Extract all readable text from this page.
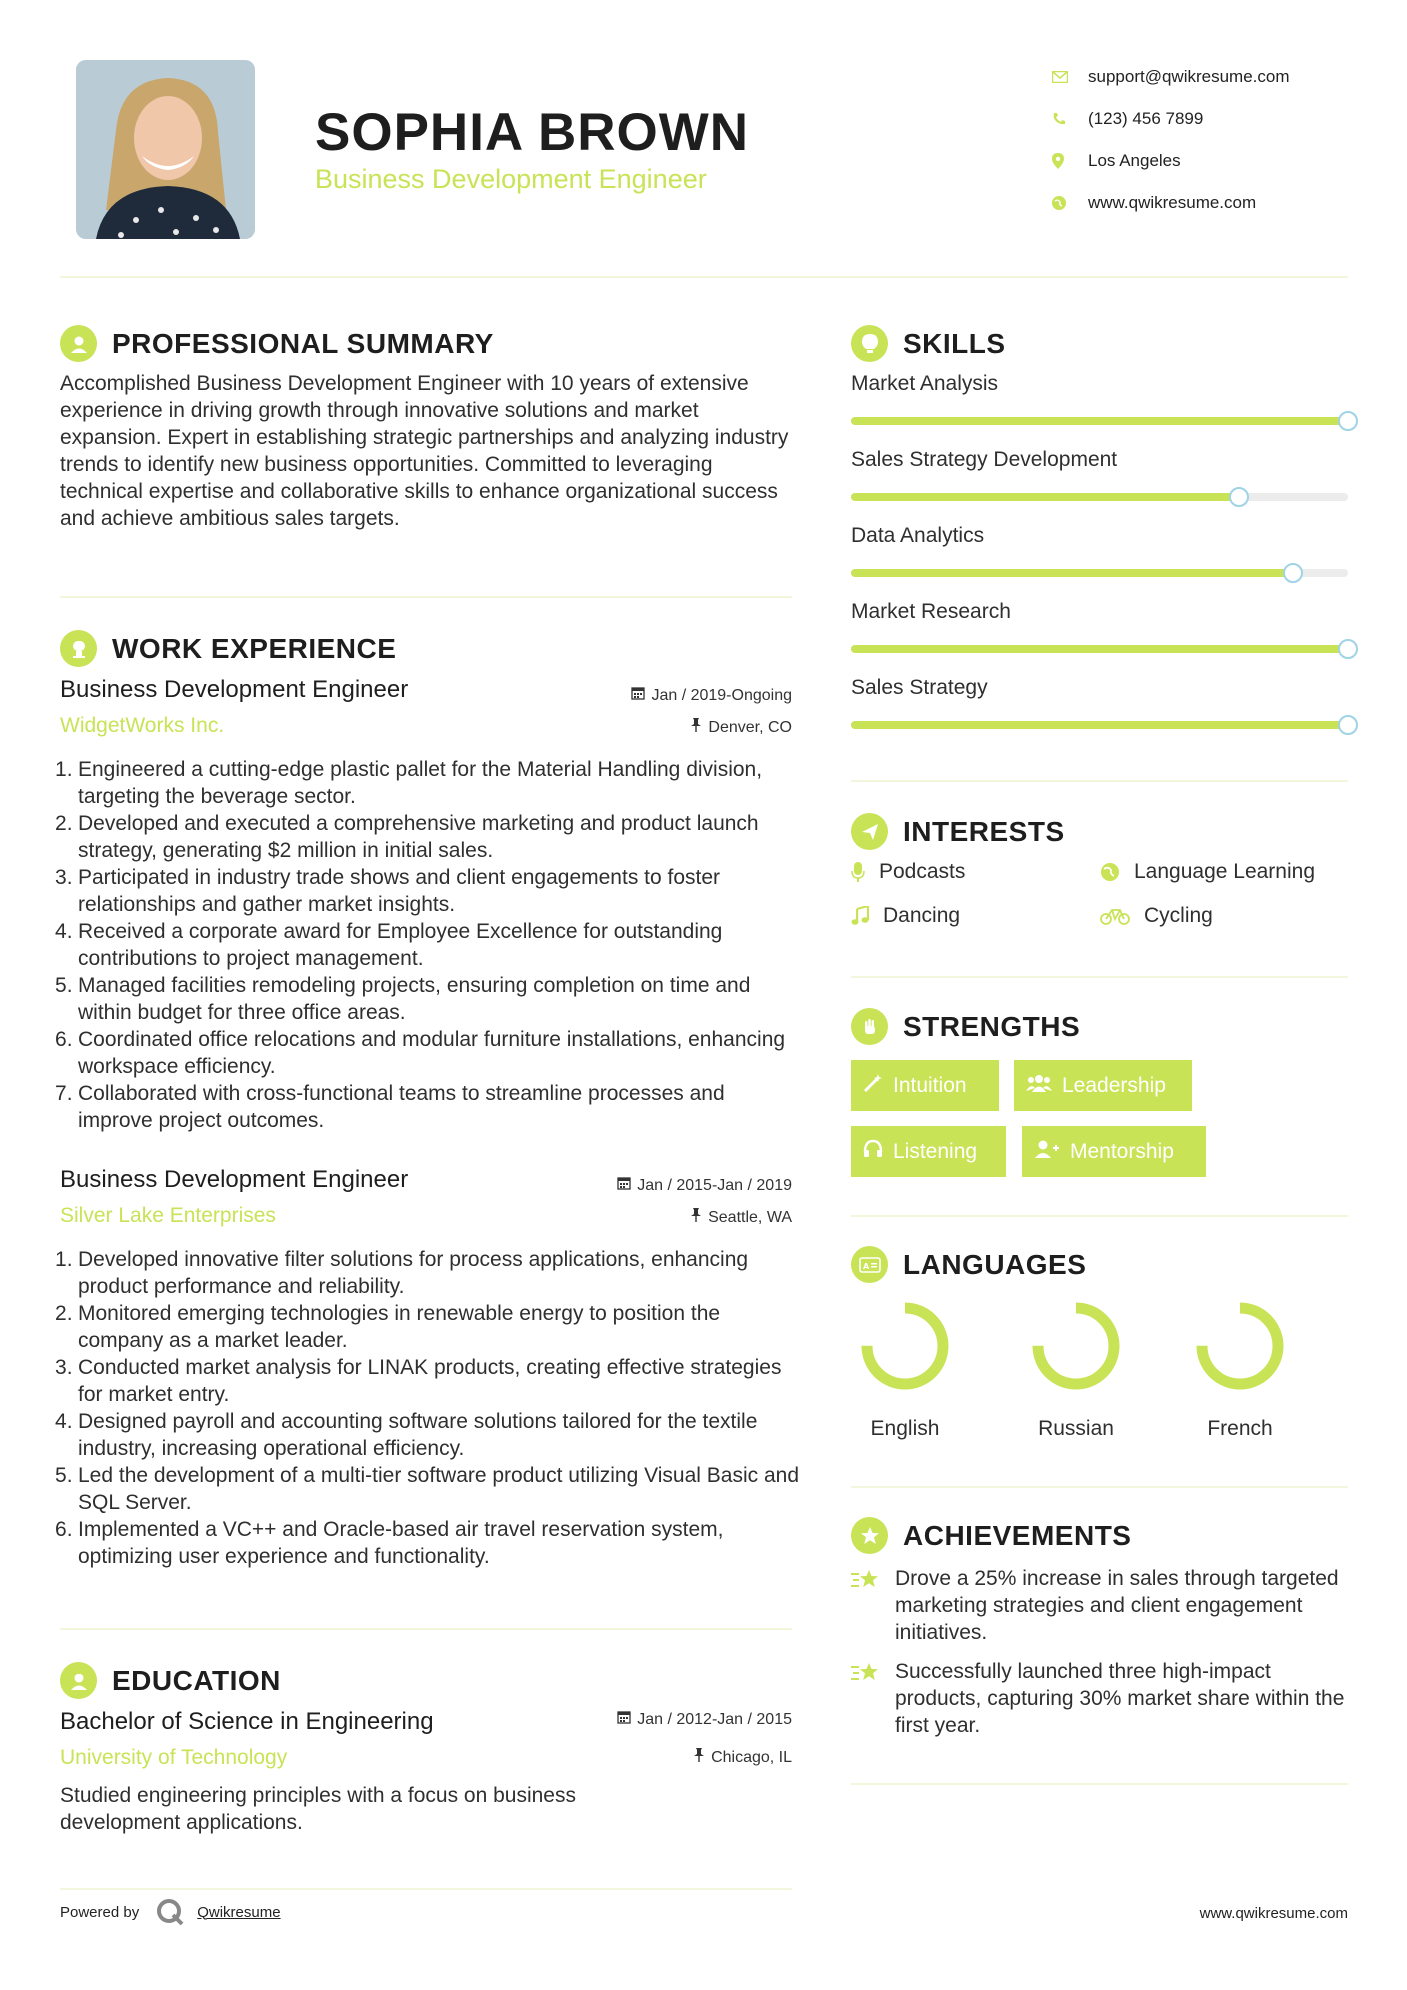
SOPHIA BROWN
Business Development Engineer
support@qwikresume.com
(123) 456 7899
Los Angeles
www.qwikresume.com
PROFESSIONAL SUMMARY
Accomplished Business Development Engineer with 10 years of extensive experience in driving growth through innovative solutions and market expansion. Expert in establishing strategic partnerships and analyzing industry trends to identify new business opportunities. Committed to leveraging technical expertise and collaborative skills to enhance organizational success and achieve ambitious sales targets.
WORK EXPERIENCE
Business Development Engineer	Jan / 2019-Ongoing
WidgetWorks Inc.	Denver, CO
Engineered a cutting-edge plastic pallet for the Material Handling division, targeting the beverage sector.
Developed and executed a comprehensive marketing and product launch strategy, generating $2 million in initial sales.
Participated in industry trade shows and client engagements to foster relationships and gather market insights.
Received a corporate award for Employee Excellence for outstanding contributions to project management.
Managed facilities remodeling projects, ensuring completion on time and within budget for three office areas.
Coordinated office relocations and modular furniture installations, enhancing workspace efficiency.
Collaborated with cross-functional teams to streamline processes and improve project outcomes.
Business Development Engineer	Jan / 2015-Jan / 2019
Silver Lake Enterprises	Seattle, WA
Developed innovative filter solutions for process applications, enhancing product performance and reliability.
Monitored emerging technologies in renewable energy to position the company as a market leader.
Conducted market analysis for LINAK products, creating effective strategies for market entry.
Designed payroll and accounting software solutions tailored for the textile industry, increasing operational efficiency.
Led the development of a multi-tier software product utilizing Visual Basic and SQL Server.
Implemented a VC++ and Oracle-based air travel reservation system, optimizing user experience and functionality.
EDUCATION
Bachelor of Science in Engineering	Jan / 2012-Jan / 2015
University of Technology	Chicago, IL
Studied engineering principles with a focus on business development applications.
SKILLS
Market Analysis
Sales Strategy Development
Data Analytics
Market Research
Sales Strategy
INTERESTS
Podcasts	Language Learning
Dancing	Cycling
STRENGTHS
Intuition	Leadership
Listening	Mentorship
A LANGUAGES
English	Russian	French
ACHIEVEMENTS
Drove a 25% increase in sales through targeted marketing strategies and client engagement initiatives.
Successfully launched three high-impact products, capturing 30% market share within the first year.
Powered by	Qwikresume	www.qwikresume.com
